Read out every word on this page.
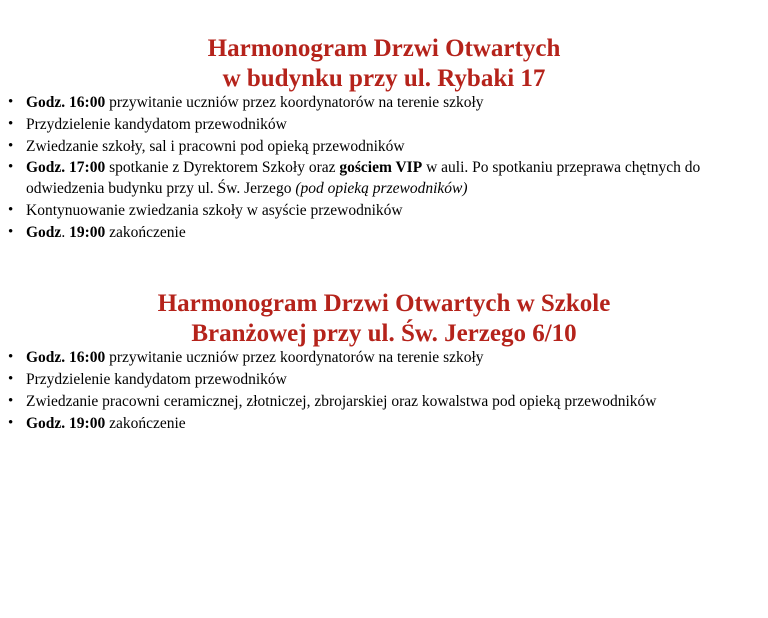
Harmonogram Drzwi Otwartych
w budynku przy ul. Rybaki 17
• Godz. 16:00 przywitanie uczniów przez koordynatorów na terenie szkoły
• Przydzielenie kandydatom przewodników
• Zwiedzanie szkoły, sal i pracowni pod opieką przewodników
• Godz. 17:00 spotkanie z Dyrektorem Szkoły oraz gościem VIP w auli. Po spotkaniu przeprawa chętnych do odwiedzenia budynku przy ul. Św. Jerzego (pod opieką przewodników)
• Kontynuowanie zwiedzania szkoły w asyście przewodników
• Godz. 19:00 zakończenie
Harmonogram Drzwi Otwartych w Szkole
Branżowej przy ul. Św. Jerzego 6/10
• Godz. 16:00 przywitanie uczniów przez koordynatorów na terenie szkoły
• Przydzielenie kandydatom przewodników
• Zwiedzanie pracowni ceramicznej, złotniczej, zbrojarskiej oraz kowalstwa pod opieką przewodników
• Godz. 19:00 zakończenie
